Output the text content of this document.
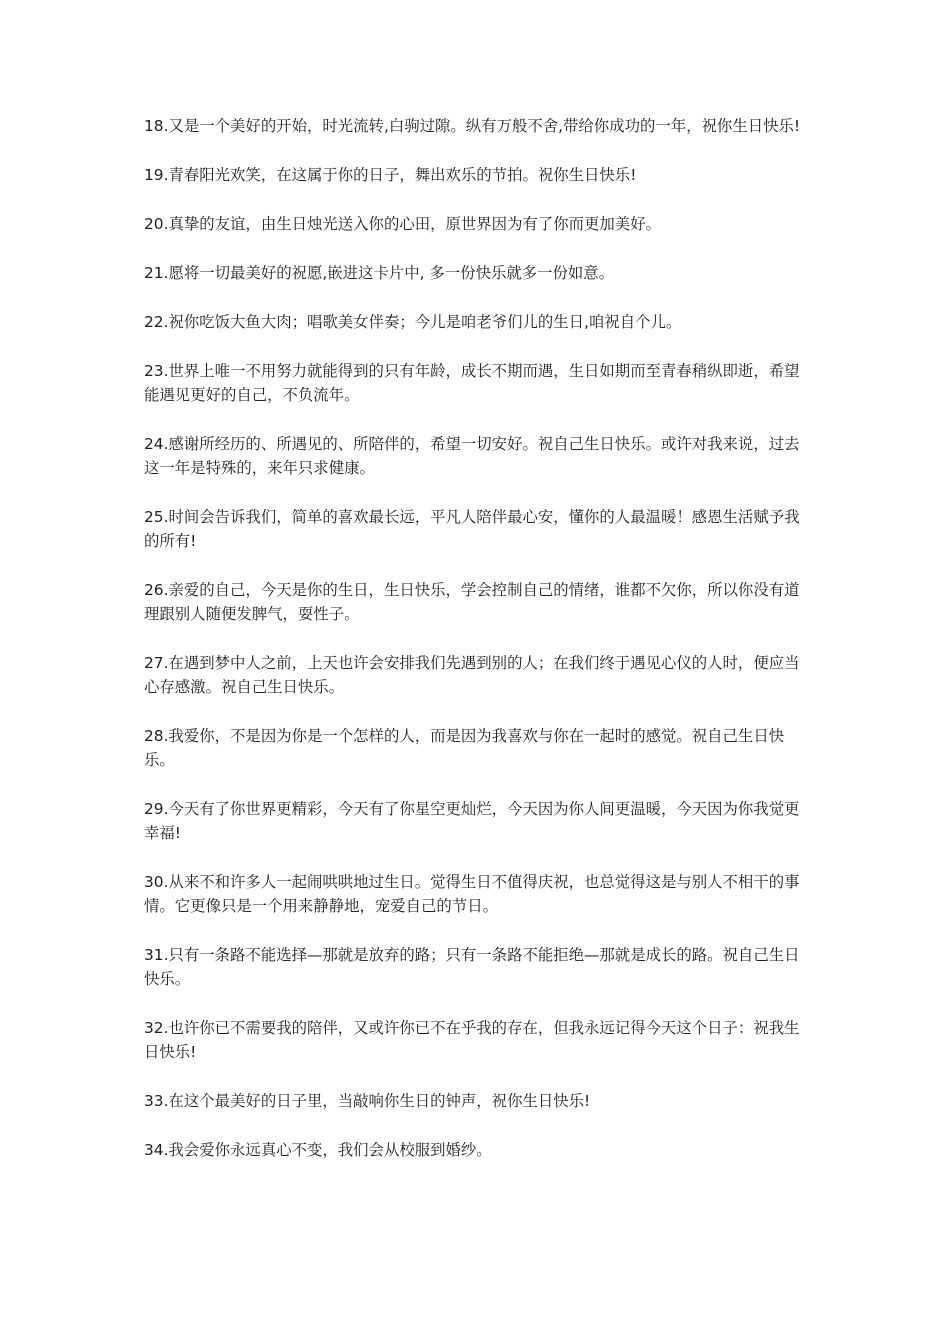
18.又是一个美好的开始，时光流转,白驹过隙。纵有万般不舍,带给你成功的一年，祝你生日快乐!

19.青春阳光欢笑，在这属于你的日子，舞出欢乐的节拍。祝你生日快乐!

20.真挚的友谊，由生日烛光送入你的心田，原世界因为有了你而更加美好。

21.愿将一切最美好的祝愿,嵌进这卡片中, 多一份快乐就多一份如意。

22.祝你吃饭大鱼大肉；唱歌美女伴奏；今儿是咱老爷们儿的生日,咱祝自个儿。

23.世界上唯一不用努力就能得到的只有年龄，成长不期而遇，生日如期而至青春稍纵即逝，希望能遇见更好的自己，不负流年。

24.感谢所经历的、所遇见的、所陪伴的，希望一切安好。祝自己生日快乐。或许对我来说，过去这一年是特殊的，来年只求健康。

25.时间会告诉我们，简单的喜欢最长远，平凡人陪伴最心安，懂你的人最温暖！感恩生活赋予我的所有!

26.亲爱的自己，今天是你的生日，生日快乐，学会控制自己的情绪，谁都不欠你，所以你没有道理跟别人随便发脾气，耍性子。

27.在遇到梦中人之前，上天也许会安排我们先遇到别的人；在我们终于遇见心仪的人时，便应当心存感激。祝自己生日快乐。

28.我爱你，不是因为你是一个怎样的人，而是因为我喜欢与你在一起时的感觉。祝自己生日快乐。

29.今天有了你世界更精彩，今天有了你星空更灿烂，今天因为你人间更温暖，今天因为你我觉更幸福!

30.从来不和许多人一起闹哄哄地过生日。觉得生日不值得庆祝，也总觉得这是与别人不相干的事情。它更像只是一个用来静静地，宠爱自己的节日。

31.只有一条路不能选择—那就是放弃的路；只有一条路不能拒绝—那就是成长的路。祝自己生日快乐。

32.也许你已不需要我的陪伴，又或许你已不在乎我的存在，但我永远记得今天这个日子：祝我生日快乐!

33.在这个最美好的日子里，当敲响你生日的钟声，祝你生日快乐!

34.我会爱你永远真心不变，我们会从校服到婚纱。
